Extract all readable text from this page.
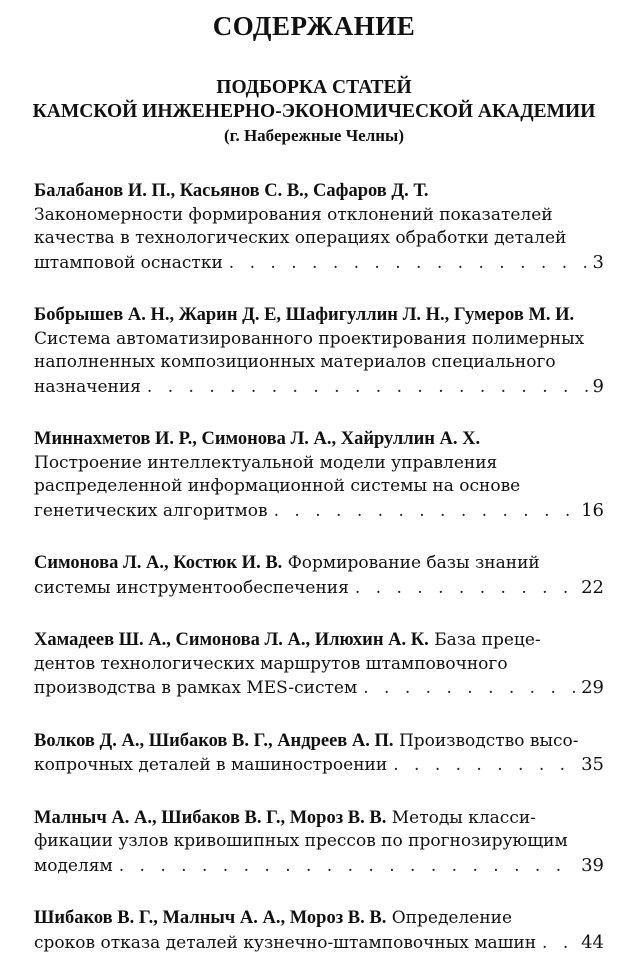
СОДЕРЖАНИЕ
ПОДБОРКА СТАТЕЙ
КАМСКОЙ ИНЖЕНЕРНО-ЭКОНОМИЧЕСКОЙ АКАДЕМИИ
(г. Набережные Челны)
Балабанов И. П., Касьянов С. В., Сафаров Д. Т.
Закономерности формирования отклонений показателей
качества в технологических операциях обработки деталей
штамповой оснастки . . .	3
Бобрышев А. Н., Жарин Д. Е, Шафигуллин Л. Н., Гумеров М. И.
Система автоматизированного проектирования полимерных
наполненных композиционных материалов специального
назначения . . .	9
Миннахметов И. Р., Симонова Л. А., Хайруллин А. Х.
Построение интеллектуальной модели управления
распределенной информационной системы на основе
генетических алгоритмов . . .	16
Симонова Л. А., Костюк И. В. Формирование базы знаний
системы инструментообеспечения . . .	22
Хамадеев Ш. А., Симонова Л. А., Илюхин А. К. База преце-
дентов технологических маршрутов штамповочного
производства в рамках MES-систем . . .	29
Волков Д. А., Шибаков В. Г., Андреев А. П. Производство высо-
копрочных деталей в машиностроении . . .	35
Малныч А. А., Шибаков В. Г., Мороз В. В. Методы класси-
фикации узлов кривошипных прессов по прогнозирующим
моделям . . .	39
Шибаков В. Г., Малныч А. А., Мороз В. В. Определение
сроков отказа деталей кузнечно-штамповочных машин . . .	44
